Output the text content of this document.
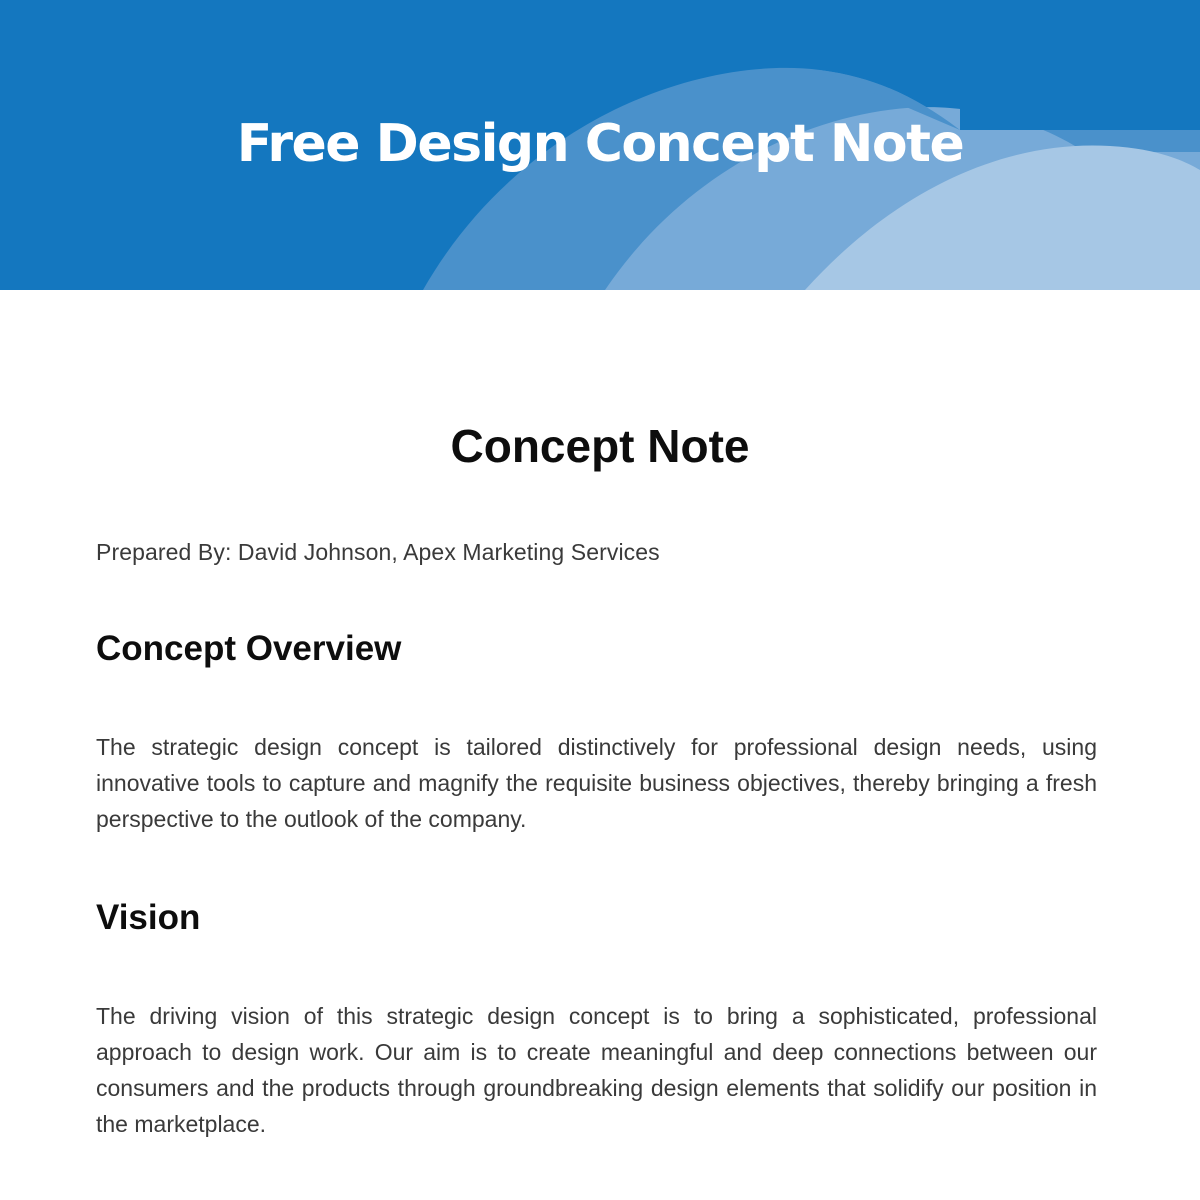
Free Design Concept Note
Concept Note

Prepared By: David Johnson, Apex Marketing Services

Concept Overview

The strategic design concept is tailored distinctively for professional design needs, using innovative tools to capture and magnify the requisite business objectives, thereby bringing a fresh perspective to the outlook of the company.

Vision

The driving vision of this strategic design concept is to bring a sophisticated, professional approach to design work. Our aim is to create meaningful and deep connections between our consumers and the products through groundbreaking design elements that solidify our position in the marketplace.
